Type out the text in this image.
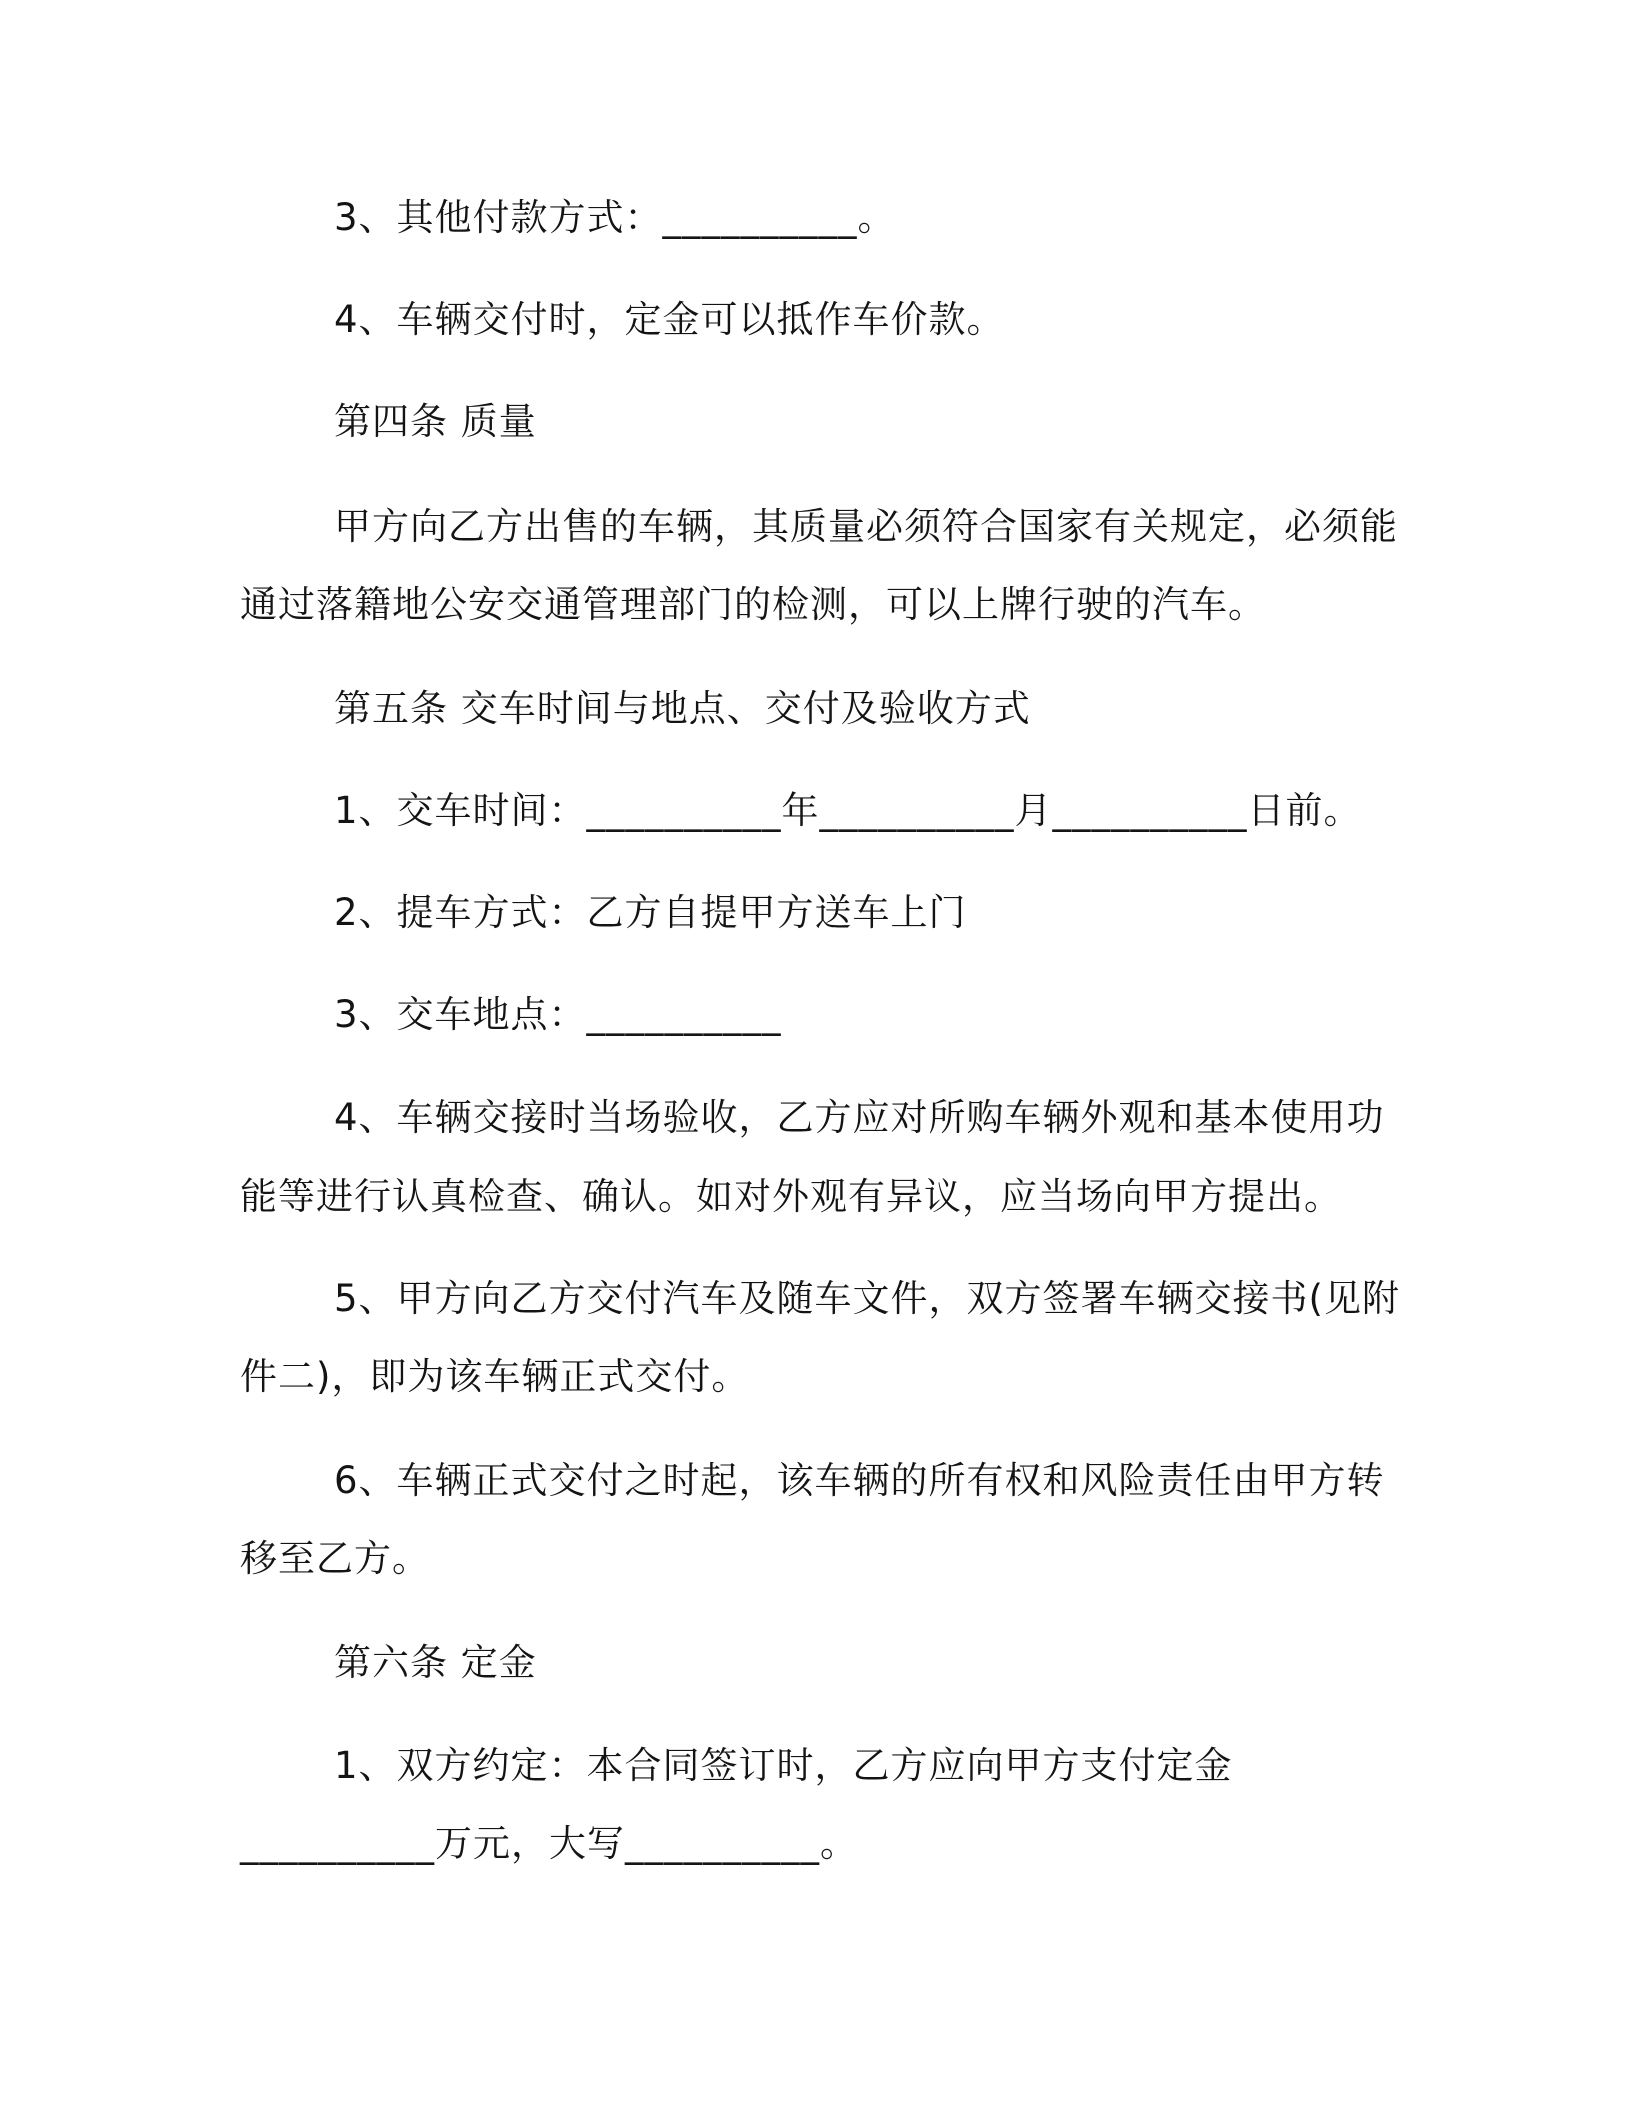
3、其他付款方式：__________。
4、车辆交付时，定金可以抵作车价款。
第四条 质量
甲方向乙方出售的车辆，其质量必须符合国家有关规定，必须能
通过落籍地公安交通管理部门的检测，可以上牌行驶的汽车。
第五条 交车时间与地点、交付及验收方式
1、交车时间：__________年__________月__________日前。
2、提车方式：乙方自提甲方送车上门
3、交车地点：__________
4、车辆交接时当场验收，乙方应对所购车辆外观和基本使用功
能等进行认真检查、确认。如对外观有异议，应当场向甲方提出。
5、甲方向乙方交付汽车及随车文件，双方签署车辆交接书(见附
件二)，即为该车辆正式交付。
6、车辆正式交付之时起，该车辆的所有权和风险责任由甲方转
移至乙方。
第六条 定金
1、双方约定：本合同签订时，乙方应向甲方支付定金
__________万元，大写__________。
